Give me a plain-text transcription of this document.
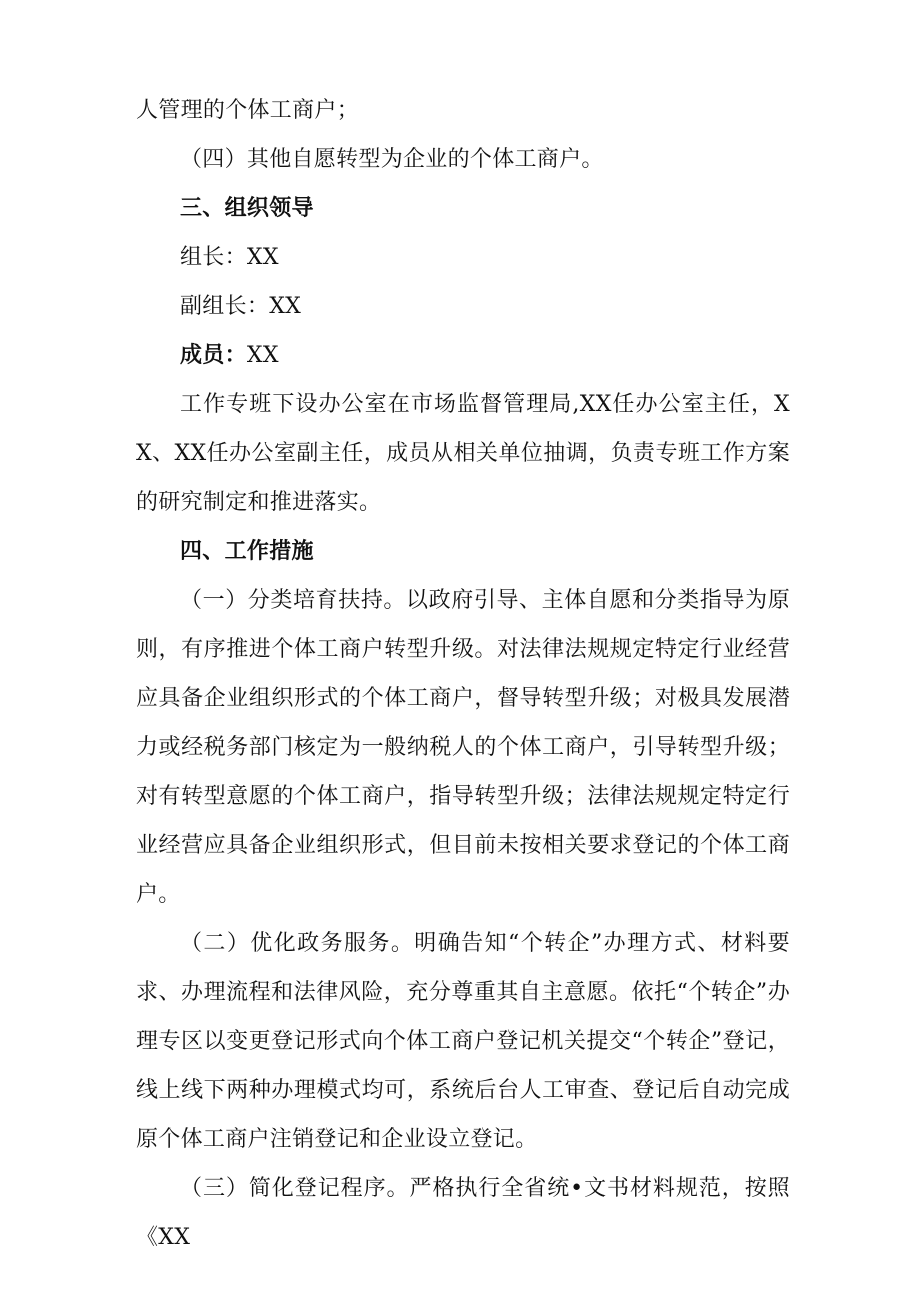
人管理的个体工商户；

（四）其他自愿转型为企业的个体工商户。

三、组织领导

组长：XX

副组长：XX

成员：XX

工作专班下设办公室在市场监督管理局,XX任办公室主任，XX、XX任办公室副主任，成员从相关单位抽调，负责专班工作方案的研究制定和推进落实。

四、工作措施

（一）分类培育扶持。以政府引导、主体自愿和分类指导为原则，有序推进个体工商户转型升级。对法律法规规定特定行业经营应具备企业组织形式的个体工商户，督导转型升级；对极具发展潜力或经税务部门核定为一般纳税人的个体工商户，引导转型升级；对有转型意愿的个体工商户，指导转型升级；法律法规规定特定行业经营应具备企业组织形式，但目前未按相关要求登记的个体工商户。

（二）优化政务服务。明确告知“个转企”办理方式、材料要求、办理流程和法律风险，充分尊重其自主意愿。依托“个转企”办理专区以变更登记形式向个体工商户登记机关提交“个转企”登记，线上线下两种办理模式均可，系统后台人工审查、登记后自动完成原个体工商户注销登记和企业设立登记。

（三）简化登记程序。严格执行全省统•文书材料规范，按照《XX
